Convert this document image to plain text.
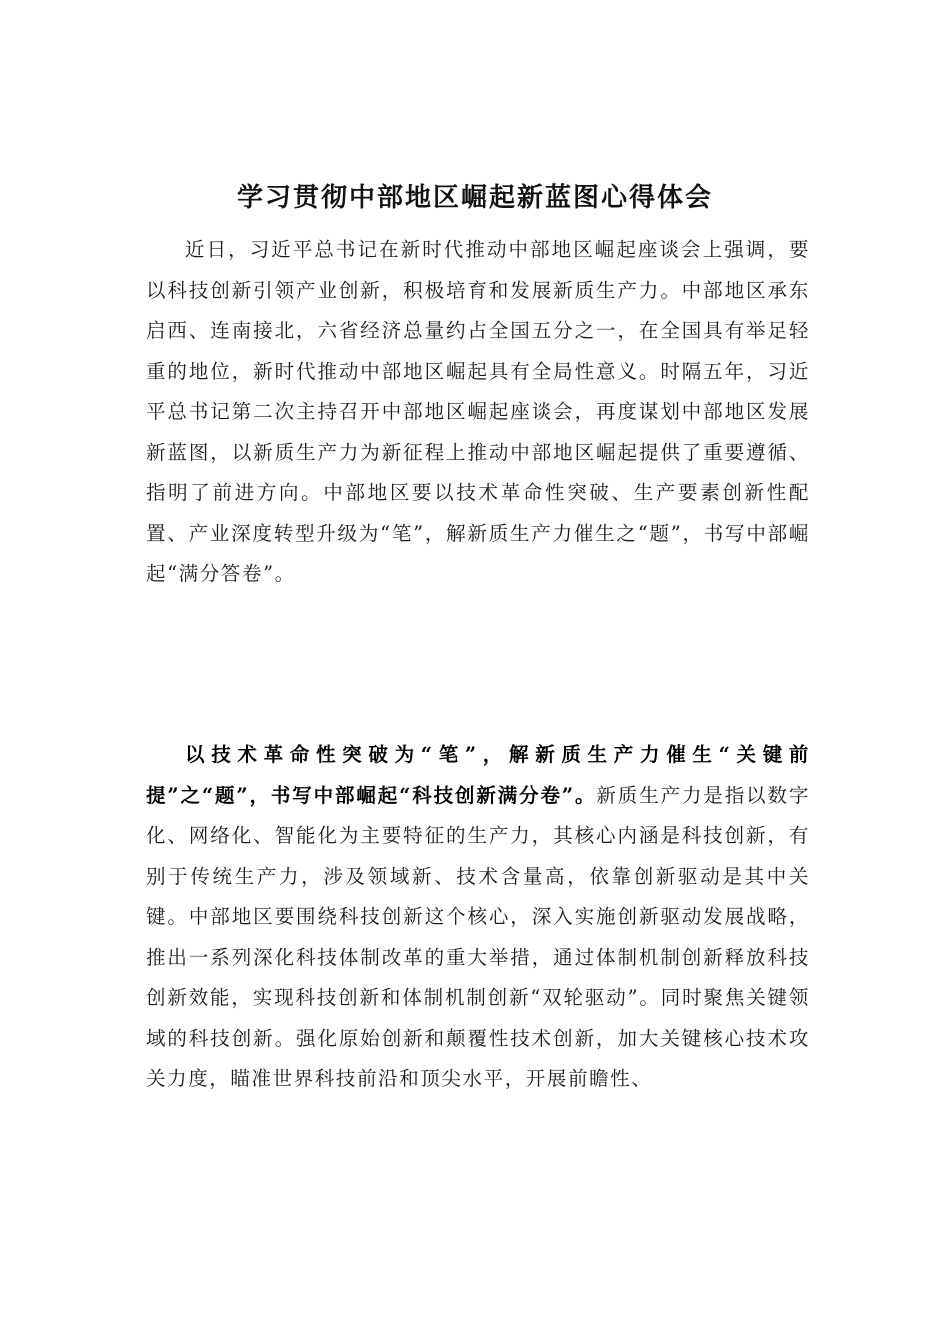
学习贯彻中部地区崛起新蓝图心得体会

近日，习近平总书记在新时代推动中部地区崛起座谈会上强调，要以科技创新引领产业创新，积极培育和发展新质生产力。中部地区承东启西、连南接北，六省经济总量约占全国五分之一，在全国具有举足轻重的地位，新时代推动中部地区崛起具有全局性意义。时隔五年，习近平总书记第二次主持召开中部地区崛起座谈会，再度谋划中部地区发展新蓝图，以新质生产力为新征程上推动中部地区崛起提供了重要遵循、指明了前进方向。中部地区要以技术革命性突破、生产要素创新性配置、产业深度转型升级为“笔”，解新质生产力催生之“题”，书写中部崛起“满分答卷”。

以技术革命性突破为“笔”，解新质生产力催生“关键前提”之“题”，书写中部崛起“科技创新满分卷”。新质生产力是指以数字化、网络化、智能化为主要特征的生产力，其核心内涵是科技创新，有别于传统生产力，涉及领域新、技术含量高，依靠创新驱动是其中关键。中部地区要围绕科技创新这个核心，深入实施创新驱动发展战略，推出一系列深化科技体制改革的重大举措，通过体制机制创新释放科技创新效能，实现科技创新和体制机制创新“双轮驱动”。同时聚焦关键领域的科技创新。强化原始创新和颠覆性技术创新，加大关键核心技术攻关力度，瞄准世界科技前沿和顶尖水平，开展前瞻性、
